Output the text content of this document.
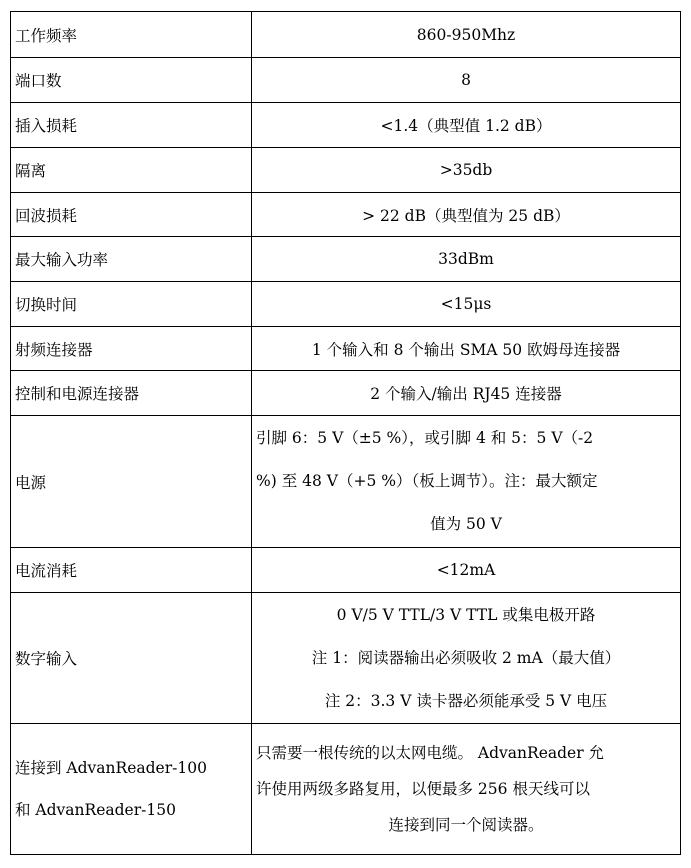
工作频率	860-950Mhz
端口数	8
插入损耗	<1.4（典型值 1.2 dB）
隔离	>35db
回波损耗	> 22 dB（典型值为 25 dB）
最大输入功率	33dBm
切换时间	<15μs
射频连接器	1 个输入和 8 个输出 SMA 50 欧姆母连接器
控制和电源连接器	2 个输入/输出 RJ45 连接器
电源	引脚 6：5 V（±5 %），或引脚 4 和 5：5 V（-2
%) 至 48 V（+5 %）（板上调节）。注：最大额定
值为 50 V

电流消耗	<12mA
数字输入	0 V/5 V TTL/3 V TTL 或集电极开路
注 1：阅读器输出必须吸收 2 mA（最大值）
注 2：3.3 V 读卡器必须能承受 5 V 电压

连接到 AdvanReader-100
和 AdvanReader-150	只需要一根传统的以太网电缆。 AdvanReader 允
许使用两级多路复用，以便最多 256 根天线可以
连接到同一个阅读器。
